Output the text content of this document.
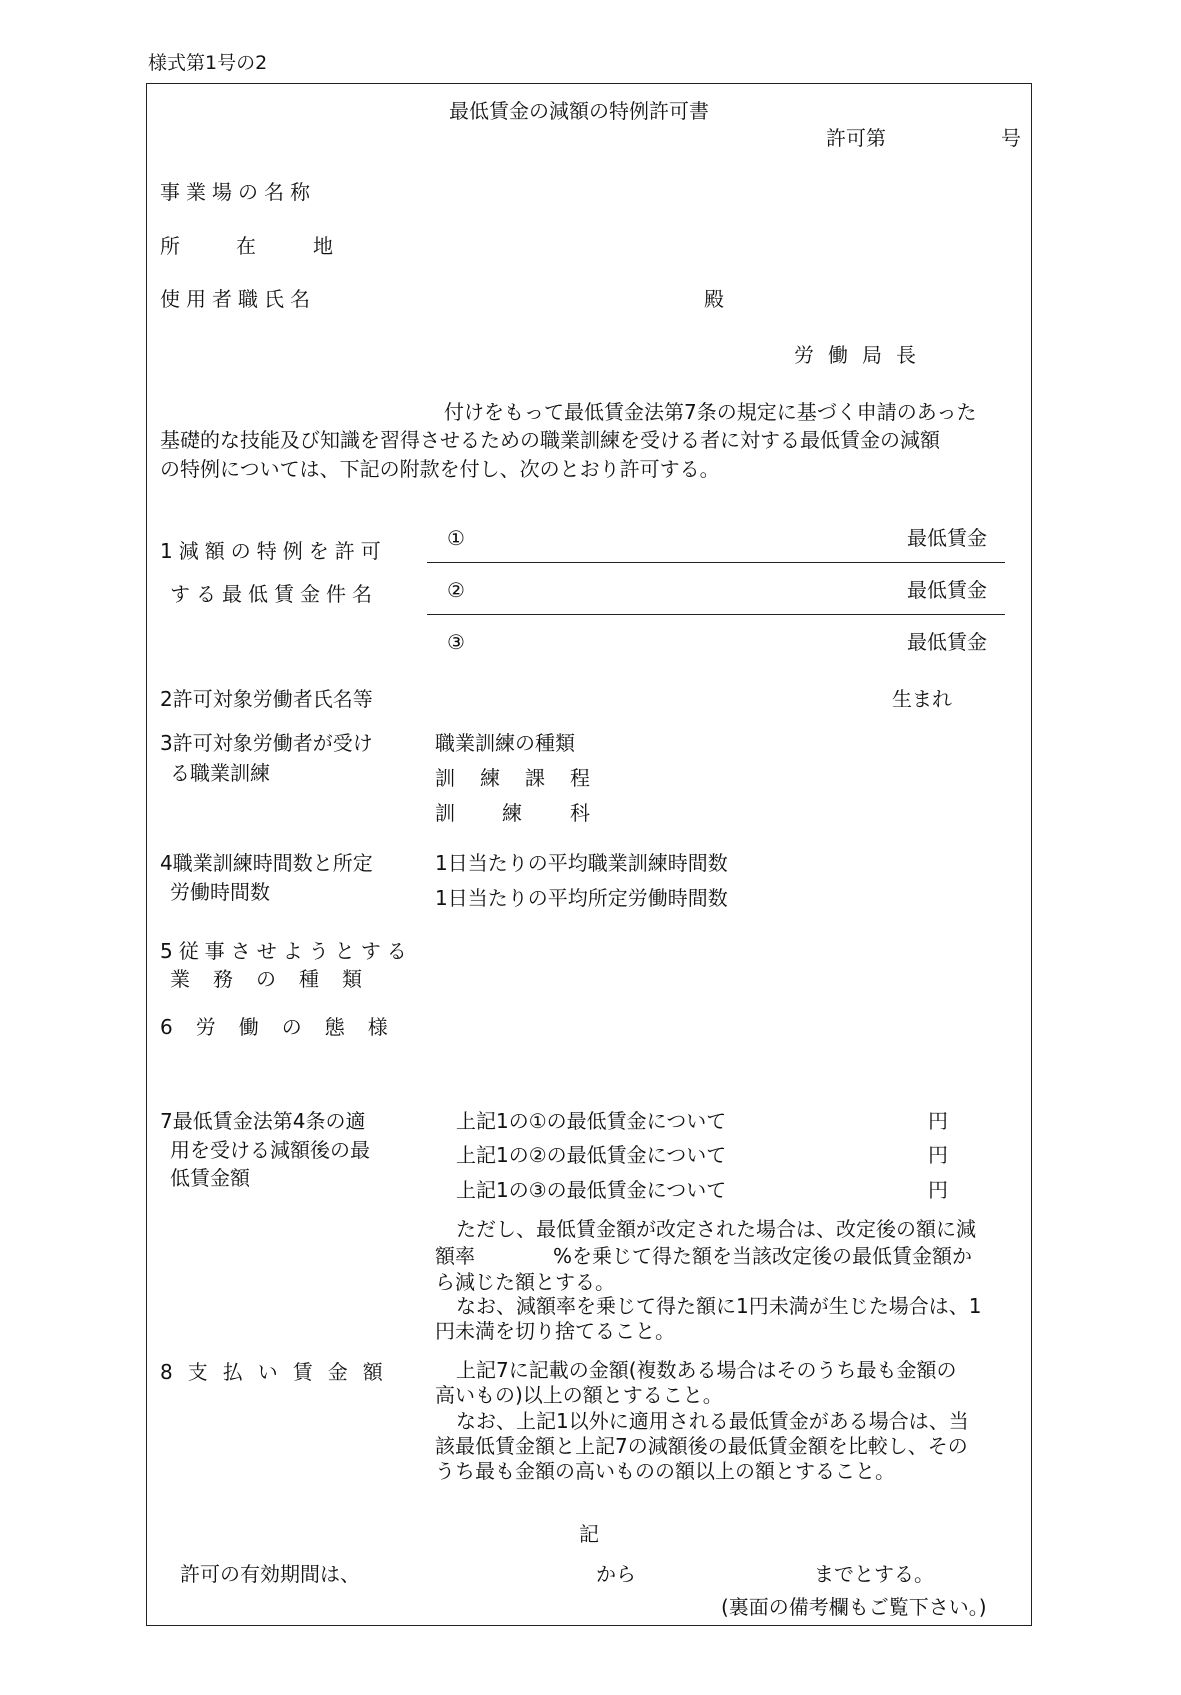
様式第1号の2
最低賃金の減額の特例許可書
許可第	号
事業場の名称
所	在	地
使用者職氏名	殿
労働局長
付けをもって最低賃金法第7条の規定に基づく申請のあった
基礎的な技能及び知識を習得させるための職業訓練を受ける者に対する最低賃金の減額
の特例については、下記の附款を付し、次のとおり許可する。
1減額の特例を許可
する最低賃金件名
①	最低賃金
②	最低賃金
③	最低賃金
2許可対象労働者氏名等	生まれ
3許可対象労働者が受け
る職業訓練
職業訓練の種類
訓 練 課 程
訓 練 科
4職業訓練時間数と所定
労働時間数
1日当たりの平均職業訓練時間数
1日当たりの平均所定労働時間数
5従事させようとする
業務の種類
6労働の態様
7最低賃金法第4条の適
用を受ける減額後の最
低賃金額
上記1の①の最低賃金について	円
上記1の②の最低賃金について	円
上記1の③の最低賃金について	円
ただし、最低賃金額が改定された場合は、改定後の額に減
額率	%を乗じて得た額を当該改定後の最低賃金額か
ら減じた額とする。
なお、減額率を乗じて得た額に1円未満が生じた場合は、1
円未満を切り捨てること。
8支払い賃金額	上記7に記載の金額(複数ある場合はそのうち最も金額の
高いもの)以上の額とすること。
なお、上記1以外に適用される最低賃金がある場合は、当
該最低賃金額と上記7の減額後の最低賃金額を比較し、その
うち最も金額の高いものの額以上の額とすること。
記
許可の有効期間は、	から	までとする。
(裏面の備考欄もご覧下さい。)
